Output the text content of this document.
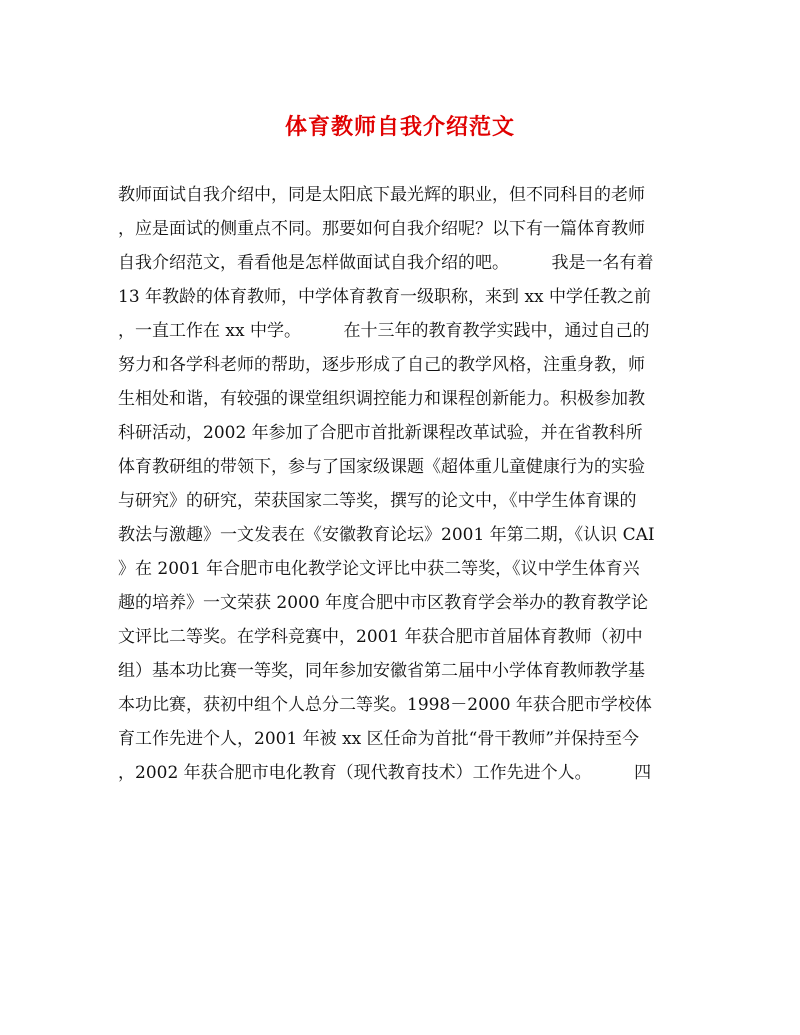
体育教师自我介绍范文
教师面试自我介绍中，同是太阳底下最光辉的职业，但不同科目的老师
，应是面试的侧重点不同。那要如何自我介绍呢？以下有一篇体育教师
自我介绍范文，看看他是怎样做面试自我介绍的吧。　　　我是一名有着
13 年教龄的体育教师，中学体育教育一级职称，来到 xx 中学任教之前
，一直工作在 xx 中学。　　　在十三年的教育教学实践中，通过自己的
努力和各学科老师的帮助，逐步形成了自己的教学风格，注重身教，师
生相处和谐，有较强的课堂组织调控能力和课程创新能力。积极参加教
科研活动，2002 年参加了合肥市首批新课程改革试验，并在省教科所
体育教研组的带领下，参与了国家级课题《超体重儿童健康行为的实验
与研究》的研究，荣获国家二等奖，撰写的论文中，《中学生体育课的
教法与激趣》一文发表在《安徽教育论坛》2001 年第二期，《认识 CAI
》在 2001 年合肥市电化教学论文评比中获二等奖，《议中学生体育兴
趣的培养》一文荣获 2000 年度合肥中市区教育学会举办的教育教学论
文评比二等奖。在学科竞赛中，2001 年获合肥市首届体育教师（初中
组）基本功比赛一等奖，同年参加安徽省第二届中小学体育教师教学基
本功比赛，获初中组个人总分二等奖。1998－2000 年获合肥市学校体
育工作先进个人，2001 年被 xx 区任命为首批“骨干教师”并保持至今
，2002 年获合肥市电化教育（现代教育技术）工作先进个人。　　　四
